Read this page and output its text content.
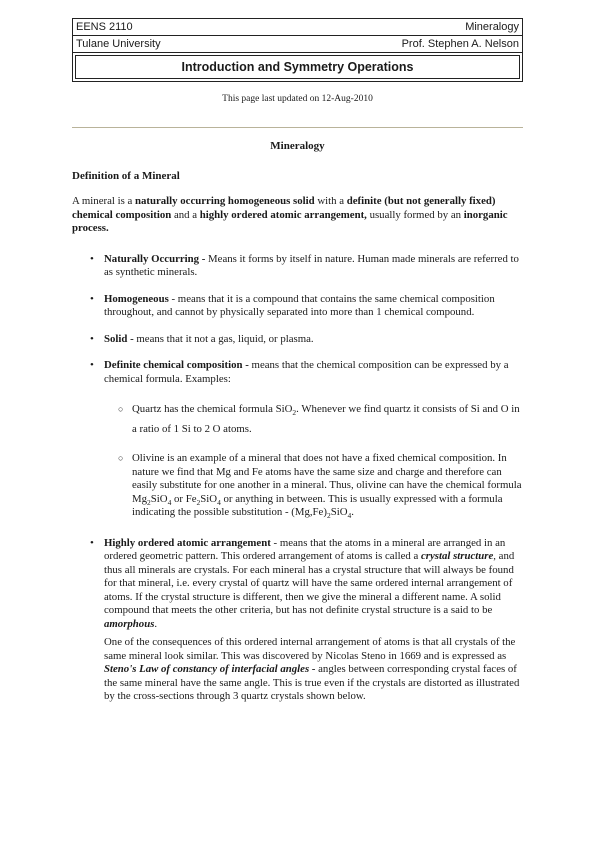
EENS 2110	Mineralogy
Tulane University	Prof. Stephen A. Nelson
Introduction and Symmetry Operations
This page last updated on 12-Aug-2010
Mineralogy
Definition of a Mineral

A mineral is a naturally occurring homogeneous solid with a definite (but not generally fixed) chemical composition and a highly ordered atomic arrangement, usually formed by an inorganic process.

• Naturally Occurring - Means it forms by itself in nature. Human made minerals are referred to as synthetic minerals.

• Homogeneous - means that it is a compound that contains the same chemical composition throughout, and cannot by physically separated into more than 1 chemical compound.

• Solid - means that it not a gas, liquid, or plasma.

• Definite chemical composition - means that the chemical composition can be expressed by a chemical formula. Examples:

○ Quartz has the chemical formula SiO$_2$. Whenever we find quartz it consists of Si and O in a ratio of 1 Si to 2 O atoms.

○ Olivine is an example of a mineral that does not have a fixed chemical composition. In nature we find that Mg and Fe atoms have the same size and charge and therefore can easily substitute for one another in a mineral. Thus, olivine can have the chemical formula $Mg_2SiO_4$ or $Fe_2SiO_4$ or anything in between. This is usually expressed with a formula indicating the possible substitution - $(Mg,Fe)_2SiO_4$.

• Highly ordered atomic arrangement - means that the atoms in a mineral are arranged in an ordered geometric pattern. This ordered arrangement of atoms is called a crystal structure, and thus all minerals are crystals. For each mineral has a crystal structure that will always be found for that mineral, i.e. every crystal of quartz will have the same ordered internal arrangement of atoms. If the crystal structure is different, then we give the mineral a different name. A solid compound that meets the other criteria, but has not definite crystal structure is a said to be amorphous.

One of the consequences of this ordered internal arrangement of atoms is that all crystals of the same mineral look similar. This was discovered by Nicolas Steno in 1669 and is expressed as Steno's Law of constancy of interfacial angles - angles between corresponding crystal faces of the same mineral have the same angle. This is true even if the crystals are distorted as illustrated by the cross-sections through 3 quartz crystals shown below.
